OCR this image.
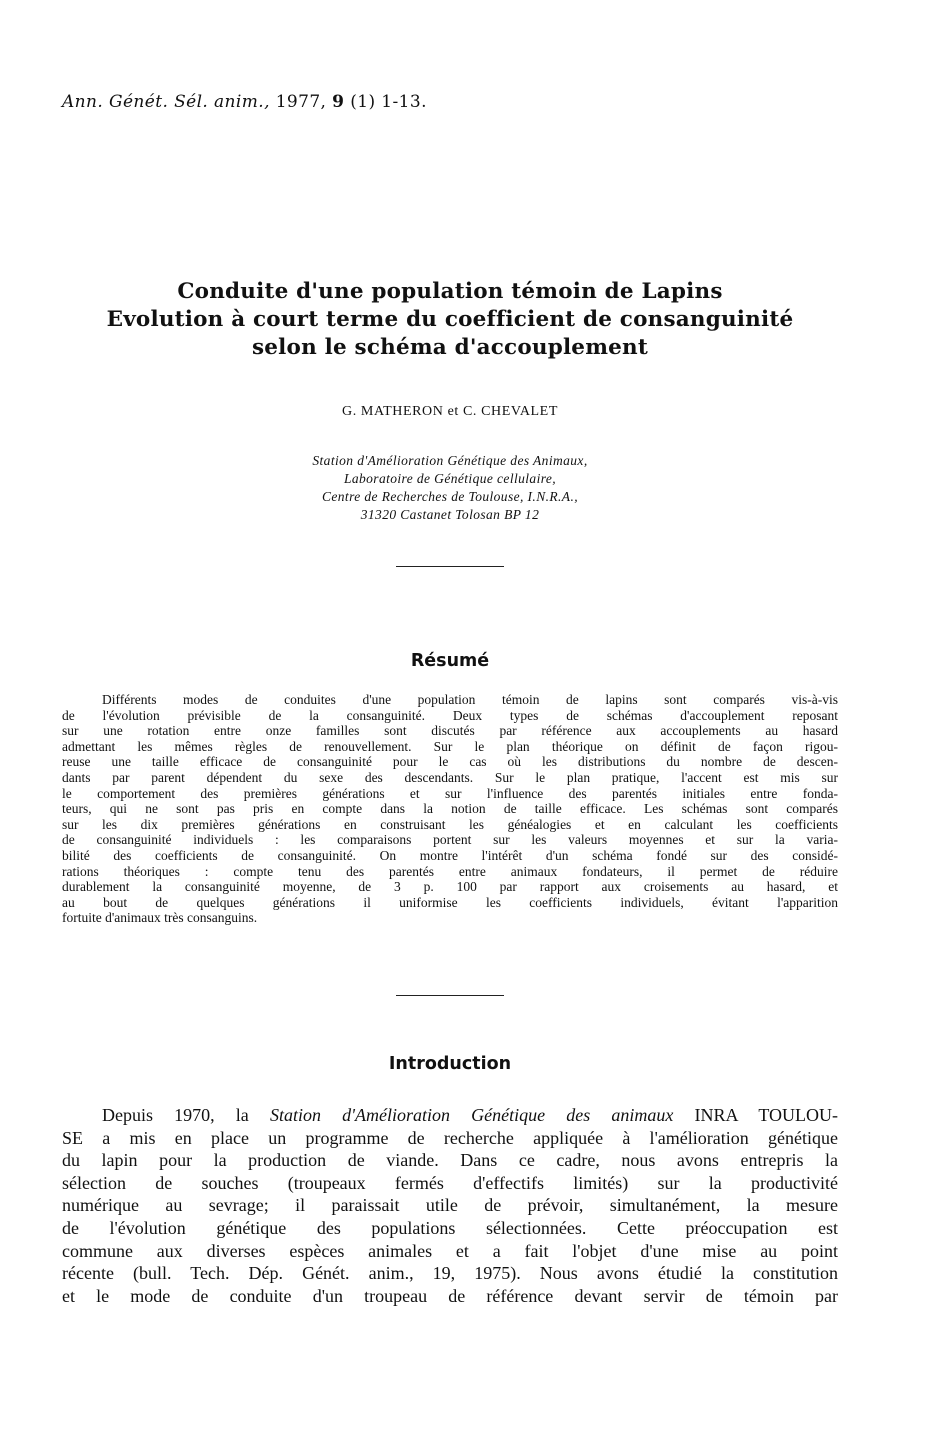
Ann. Génét. Sél. anim., 1977, 9 (1) 1-13.
Conduite d'une population témoin de Lapins
Evolution à court terme du coefficient de consanguinité
selon le schéma d'accouplement
G. MATHERON et C. CHEVALET
Station d'Amélioration Génétique des Animaux,
Laboratoire de Génétique cellulaire,
Centre de Recherches de Toulouse, I.N.R.A.,
31320 Castanet Tolosan BP 12
Résumé
Différents modes de conduites d'une population témoin de lapins sont comparés vis-à-vis
de l'évolution prévisible de la consanguinité. Deux types de schémas d'accouplement reposant
sur une rotation entre onze familles sont discutés par référence aux accouplements au hasard
admettant les mêmes règles de renouvellement. Sur le plan théorique on définit de façon rigou-
reuse une taille efficace de consanguinité pour le cas où les distributions du nombre de descen-
dants par parent dépendent du sexe des descendants. Sur le plan pratique, l'accent est mis sur
le comportement des premières générations et sur l'influence des parentés initiales entre fonda-
teurs, qui ne sont pas pris en compte dans la notion de taille efficace. Les schémas sont comparés
sur les dix premières générations en construisant les généalogies et en calculant les coefficients
de consanguinité individuels : les comparaisons portent sur les valeurs moyennes et sur la varia-
bilité des coefficients de consanguinité. On montre l'intérêt d'un schéma fondé sur des considé-
rations théoriques : compte tenu des parentés entre animaux fondateurs, il permet de réduire
durablement la consanguinité moyenne, de 3 p. 100 par rapport aux croisements au hasard, et
au bout de quelques générations il uniformise les coefficients individuels, évitant l'apparition
fortuite d'animaux très consanguins.
Introduction
Depuis 1970, la Station d'Amélioration Génétique des animaux INRA TOULOU-
SE a mis en place un programme de recherche appliquée à l'amélioration génétique
du lapin pour la production de viande. Dans ce cadre, nous avons entrepris la
sélection de souches (troupeaux fermés d'effectifs limités) sur la productivité
numérique au sevrage; il paraissait utile de prévoir, simultanément, la mesure
de l'évolution génétique des populations sélectionnées. Cette préoccupation est
commune aux diverses espèces animales et a fait l'objet d'une mise au point
récente (bull. Tech. Dép. Génét. anim., 19, 1975). Nous avons étudié la constitution
et le mode de conduite d'un troupeau de référence devant servir de témoin par
